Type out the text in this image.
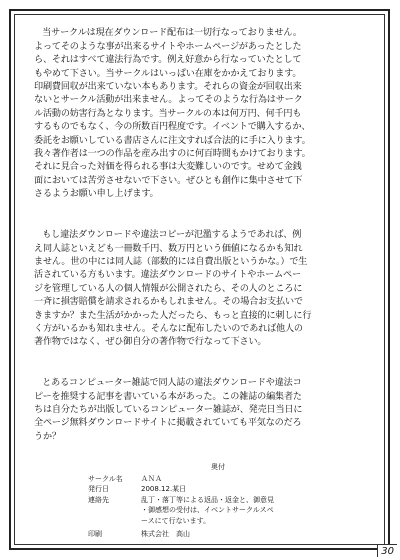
当サークルは現在ダウンロード配布は一切行なっておりません。
よってそのような事が出来るサイトやホームページがあったとした
ら、それはすべて違法行為です。例え好意から行なっていたとして
もやめて下さい。当サークルはいっぱい在庫をかかえております。
印刷費回収が出来ていない本もあります。それらの資金が回収出来
ないとサークル活動が出来ません。よってそのような行為はサーク
ル活動の妨害行為となります。当サークルの本は何万円、何千円も
するものでもなく、今の所数百円程度です。イベントで購入するか、
委託をお願いしている書店さんに注文すれば合法的に手に入ります。
我々著作者は一つの作品を産み出すのに何百時間もかけております。
それに見合った対価を得られる事は大変難しいのです。せめて金銭
面においては苦労させないで下さい。ぜひとも創作に集中させて下
さるようお願い申し上げます。

もし違法ダウンロードや違法コピーが氾濫するようであれば、例
え同人誌といえども一冊数千円、数万円という価値になるかも知れ
ません。世の中には同人誌（部数的には自費出版というかな。）で生
活されている方もいます。違法ダウンロードのサイトやホームペー
ジを管理している人の個人情報が公開されたら、その人のところに
一斉に損害賠償を請求されるかもしれません。その場合お支払いで
きますか？また生活がかかった人だったら、もっと直接的に刺しに行
く方がいるかも知れません。そんなに配布したいのであれば他人の
著作物ではなく、ぜひ御自分の著作物で行なって下さい。

とあるコンピューター雑誌で同人誌の違法ダウンロードや違法コ
ピーを推奨する記事を書いている本があった。この雑誌の編集者た
ちは自分たちが出版しているコンピューター雑誌が、発売日当日に
全ページ無料ダウンロードサイトに掲載されていても平気なのだろ
うか？

奥付
サークル名	ＡＮＡ
発行日	2008.12.某日
連絡先	乱丁・落丁等による返品・返金と、御意見
・御感想の受付は、イベントサークルスペ
ースにて行ないます。
印刷	株式会社　高山
30
